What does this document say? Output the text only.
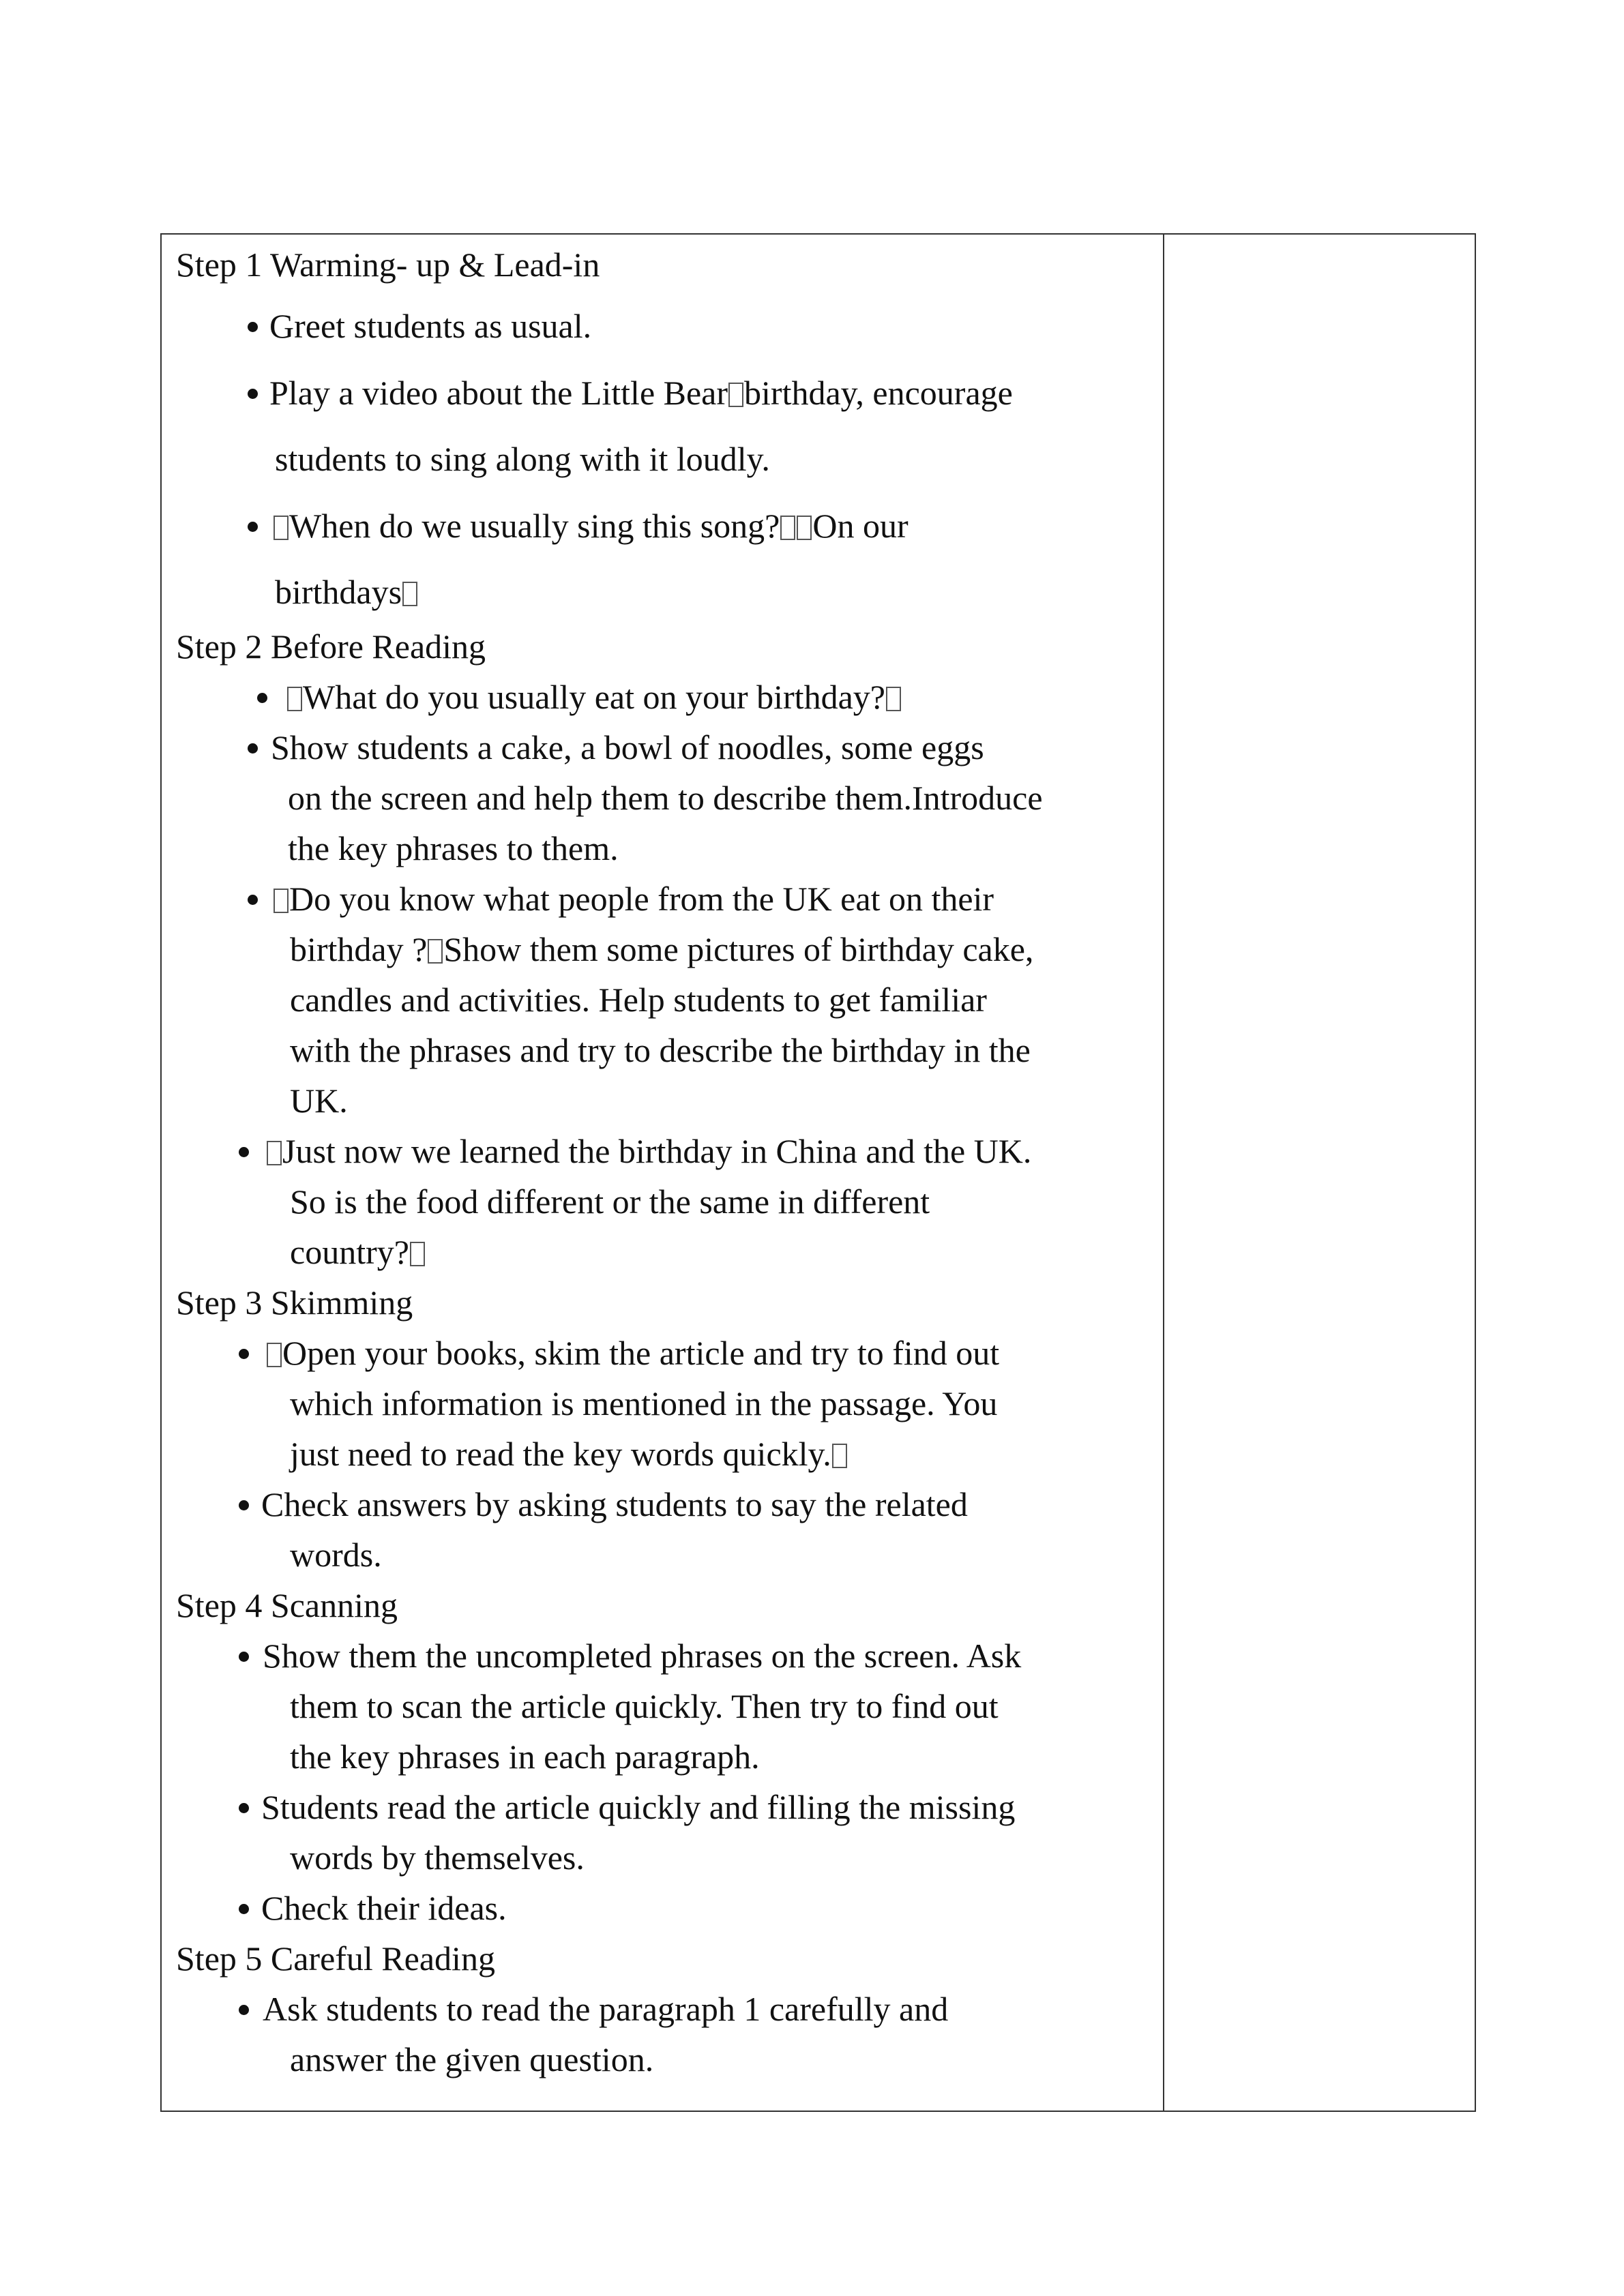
Step 1 Warming- up & Lead-in
Greet students as usual.
Play a video about the Little Bear birthday, encourage
students to sing along with it loudly.
When do we usually sing this song? On our
birthdays
Step 2 Before Reading
What do you usually eat on your birthday?
Show students a cake, a bowl of noodles, some eggs
on the screen and help them to describe them.Introduce
the key phrases to them.
Do you know what people from the UK eat on their
birthday ? Show them some pictures of birthday cake,
candles and activities. Help students to get familiar
with the phrases and try to describe the birthday in the
UK.
Just now we learned the birthday in China and the UK.
So is the food different or the same in different
country?
Step 3 Skimming
Open your books, skim the article and try to find out
which information is mentioned in the passage. You
just need to read the key words quickly.
Check answers by asking students to say the related
words.
Step 4 Scanning
Show them the uncompleted phrases on the screen. Ask
them to scan the article quickly. Then try to find out
the key phrases in each paragraph.
Students read the article quickly and filling the missing
words by themselves.
Check their ideas.
Step 5 Careful Reading
Ask students to read the paragraph 1 carefully and
answer the given question.
